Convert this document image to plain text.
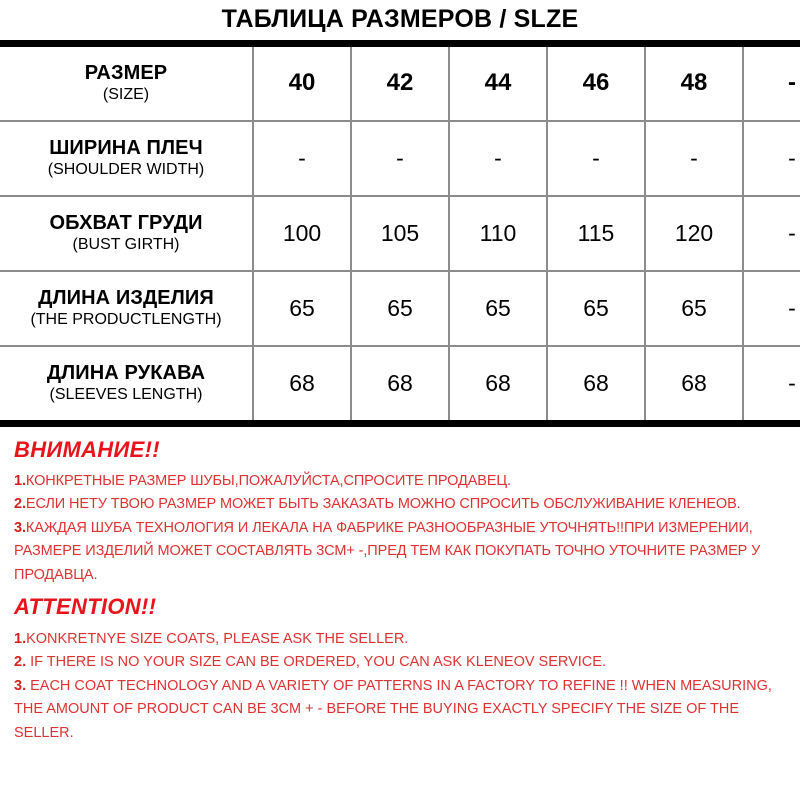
ТАБЛИЦА РАЗМЕРОВ / SLZE
РАЗМЕР
(SIZE)	40	42	44	46	48	-

ШИРИНА ПЛЕЧ
(SHOULDER WIDTH)	-	-	-	-	-	-

ОБХВАТ ГРУДИ
(BUST GIRTH)	100	105	110	115	120	-

ДЛИНА ИЗДЕЛИЯ
(THE PRODUCTLENGTH)	65	65	65	65	65	-

ДЛИНА РУКАВА
(SLEEVES LENGTH)	68	68	68	68	68	-

ВНИМАНИЕ!!

1.КОНКРЕТНЫЕ РАЗМЕР ШУБЫ,ПОЖАЛУЙСТА,СПРОСИТЕ ПРОДАВЕЦ.

2.ЕСЛИ НЕТУ ТВОЮ РАЗМЕР МОЖЕТ БЫТЬ ЗАКАЗАТЬ МОЖНО СПРОСИТЬ ОБСЛУЖИВАНИЕ КЛЕНЕОВ.

3.КАЖДАЯ ШУБА ТЕХНОЛОГИЯ И ЛЕКАЛА НА ФАБРИКЕ РАЗНООБРАЗНЫЕ УТОЧНЯТЬ!!ПРИ ИЗМЕРЕНИИ, РАЗМЕРЕ ИЗДЕЛИЙ МОЖЕТ СОСТАВЛЯТЬ 3СМ+ -,ПРЕД ТЕМ КАК ПОКУПАТЬ ТОЧНО УТОЧНИТЕ РАЗМЕР У ПРОДАВЦА.

ATTENTION!!

1.KONKRETNYE SIZE COATS, PLEASE ASK THE SELLER.

2. IF THERE IS NO YOUR SIZE CAN BE ORDERED, YOU CAN ASK KLENEOV SERVICE.

3. EACH COAT TECHNOLOGY AND A VARIETY OF PATTERNS IN A FACTORY TO REFINE !! WHEN MEASURING, THE AMOUNT OF PRODUCT CAN BE 3CM + - BEFORE THE BUYING EXACTLY SPECIFY THE SIZE OF THE SELLER.
